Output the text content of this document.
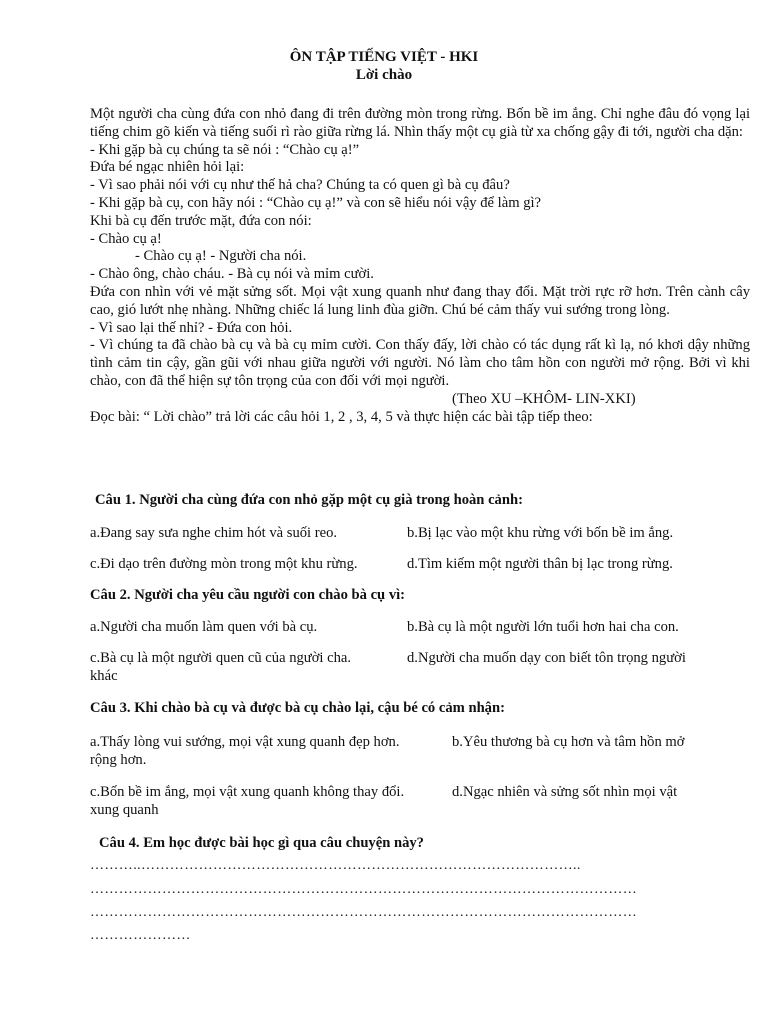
ÔN TẬP TIẾNG VIỆT - HKI
Lời chào

Một người cha cùng đứa con nhỏ đang đi trên đường mòn trong rừng. Bốn bề im ắng. Chỉ nghe đâu đó vọng lại tiếng chim gõ kiến và tiếng suối rì rào giữa rừng lá. Nhìn thấy một cụ già từ xa chống gậy đi tới, người cha dặn:

- Khi gặp bà cụ chúng ta sẽ nói : “Chào cụ ạ!”

Đứa bé ngạc nhiên hỏi lại:

- Vì sao phải nói với cụ như thế hả cha? Chúng ta có quen gì bà cụ đâu?

- Khi gặp bà cụ, con hãy nói : “Chào cụ ạ!” và con sẽ hiểu nói vậy để làm gì?

Khi bà cụ đến trước mặt, đứa con nói:

- Chào cụ ạ!

- Chào cụ ạ! - Người cha nói.

- Chào ông, chào cháu. - Bà cụ nói và mỉm cười.

Đứa con nhìn với vẻ mặt sửng sốt. Mọi vật xung quanh như đang thay đổi. Mặt trời rực rỡ hơn. Trên cành cây cao, gió lướt nhẹ nhàng. Những chiếc lá lung linh đùa giỡn. Chú bé cảm thấy vui sướng trong lòng.

- Vì sao lại thế nhỉ? - Đứa con hỏi.

- Vì chúng ta đã chào bà cụ và bà cụ mỉm cười. Con thấy đấy, lời chào có tác dụng rất kì lạ, nó khơi dậy những tình cảm tin cậy, gần gũi với nhau giữa người với người. Nó làm cho tâm hồn con người mở rộng. Bởi vì khi chào, con đã thể hiện sự tôn trọng của con đối với mọi người.

(Theo XU –KHÔM- LIN-XKI)

Đọc bài: “ Lời chào” trả lời các câu hỏi 1, 2 , 3, 4, 5 và thực hiện các bài tập tiếp theo:

Câu 1. Người cha cùng đứa con nhỏ gặp một cụ già trong hoàn cảnh:
a.Đang say sưa nghe chim hót và suối reo.	b.Bị lạc vào một khu rừng với bốn bề im ắng.
c.Đi dạo trên đường mòn trong một khu rừng.	d.Tìm kiếm một người thân bị lạc trong rừng.
Câu 2. Người cha yêu cầu người con chào bà cụ vì:
a.Người cha muốn làm quen với bà cụ.	b.Bà cụ là một người lớn tuổi hơn hai cha con.
c.Bà cụ là một người quen cũ của người cha.	d.Người cha muốn dạy con biết tôn trọng người
khác
Câu 3. Khi chào bà cụ và được bà cụ chào lại, cậu bé có cảm nhận:
a.Thấy lòng vui sướng, mọi vật xung quanh đẹp hơn.	b.Yêu thương bà cụ hơn và tâm hồn mở
rộng hơn.
c.Bốn bề im ắng, mọi vật xung quanh không thay đổi.	d.Ngạc nhiên và sửng sốt nhìn mọi vật
xung quanh
Câu 4. Em học được bài học gì qua câu chuyện này?
………..………………………………………………………………………………..
……………………………………………………………………………………………………
……………………………………………………………………………………………………
…………………
